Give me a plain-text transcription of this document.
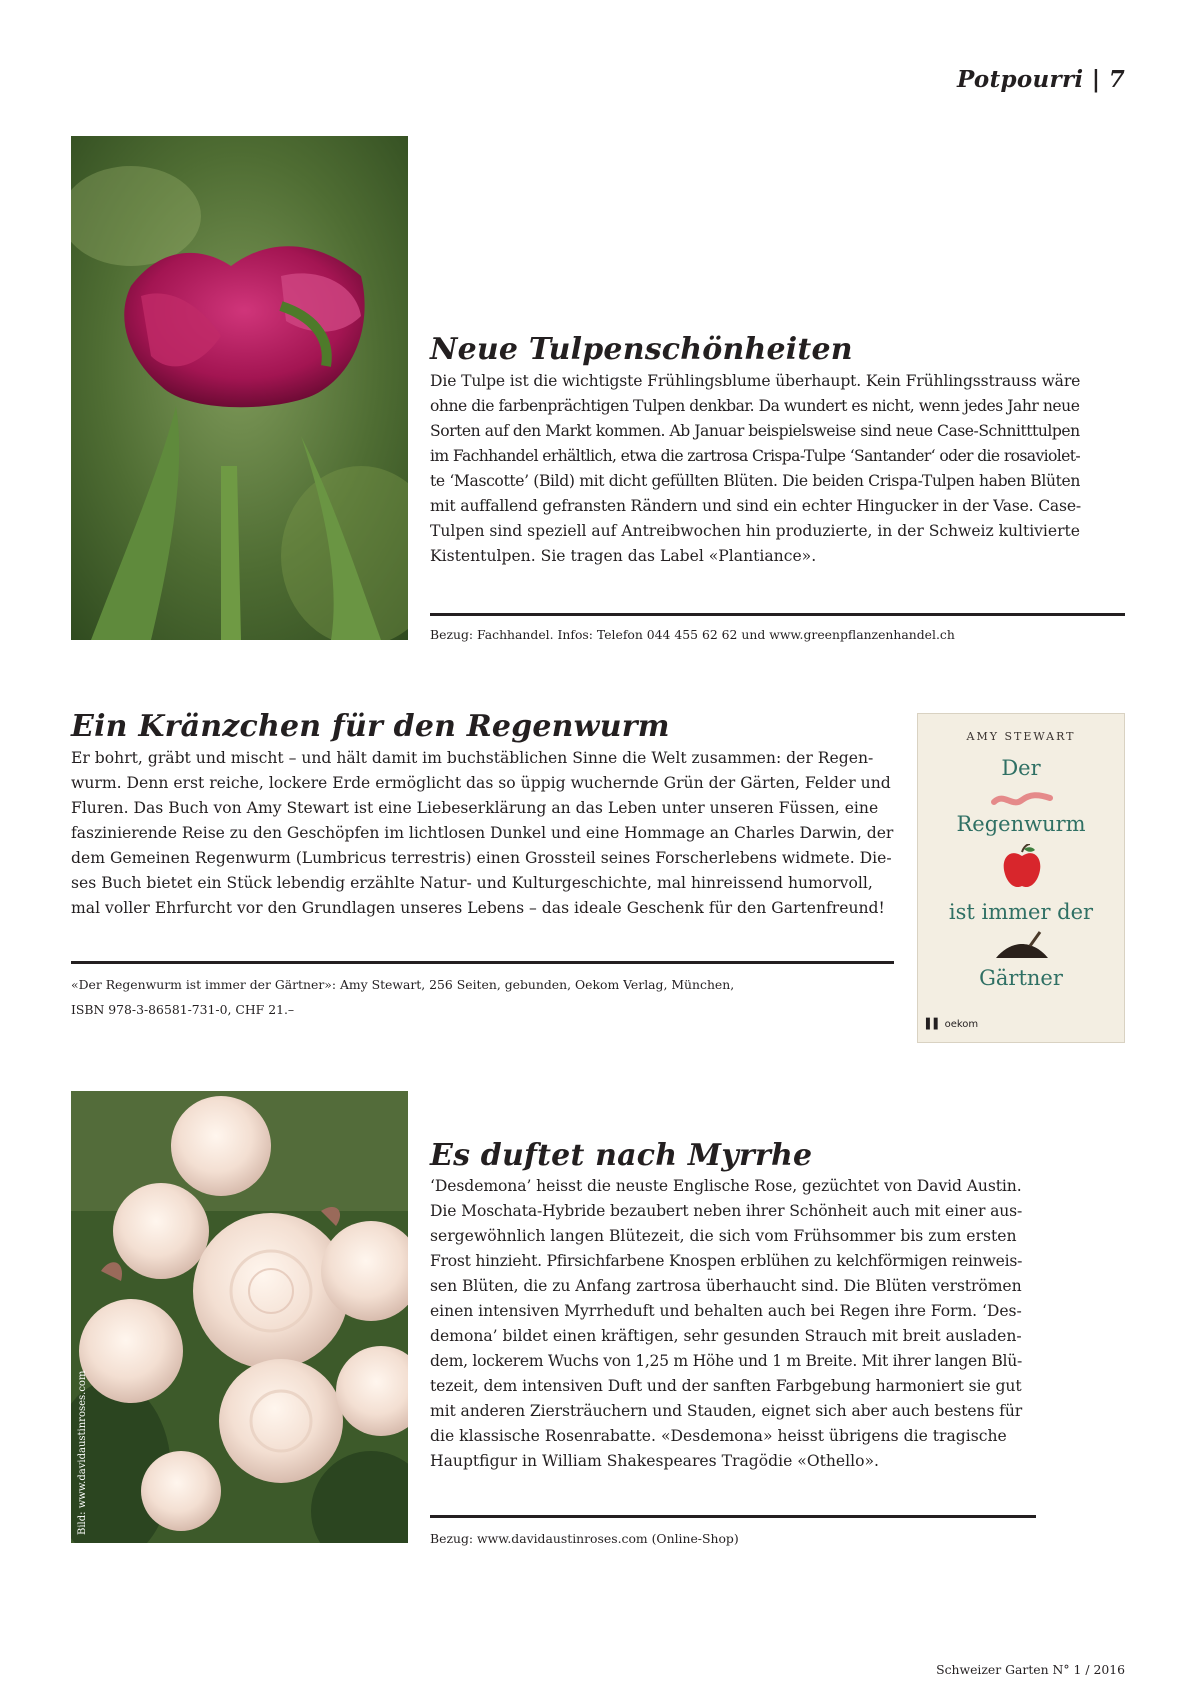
Potpourri | 7
Neue Tulpenschönheiten
Die Tulpe ist die wichtigste Frühlingsblume überhaupt. Kein Frühlingsstrauss wäre
ohne die farbenprächtigen Tulpen denkbar. Da wundert es nicht, wenn jedes Jahr neue
Sorten auf den Markt kommen. Ab Januar beispielsweise sind neue Case-Schnitttulpen
im Fachhandel erhältlich, etwa die zartrosa Crispa-Tulpe ‘Santander‘ oder die rosaviolet-
te ‘Mascotte’ (Bild) mit dicht gefüllten Blüten. Die beiden Crispa-Tulpen haben Blüten
mit auffallend gefransten Rändern und sind ein echter Hingucker in der Vase. Case-
Tulpen sind speziell auf Antreibwochen hin produzierte, in der Schweiz kultivierte
Kistentulpen. Sie tragen das Label «Plantiance».
Bezug: Fachhandel. Infos: Telefon 044 455 62 62 und www.greenpflanzenhandel.ch
Ein Kränzchen für den Regenwurm
Er bohrt, gräbt und mischt – und hält damit im buchstäblichen Sinne die Welt zusammen: der Regen-
wurm. Denn erst reiche, lockere Erde ermöglicht das so üppig wuchernde Grün der Gärten, Felder und
Fluren. Das Buch von Amy Stewart ist eine Liebeserklärung an das Leben unter unseren Füssen, eine
faszinierende Reise zu den Geschöpfen im lichtlosen Dunkel und eine Hommage an Charles Darwin, der
dem Gemeinen Regenwurm (Lumbricus terrestris) einen Grossteil seines Forscherlebens widmete. Die-
ses Buch bietet ein Stück lebendig erzählte Natur- und Kulturgeschichte, mal hinreissend humorvoll,
mal voller Ehrfurcht vor den Grundlagen unseres Lebens – das ideale Geschenk für den Gartenfreund!
«Der Regenwurm ist immer der Gärtner»: Amy Stewart, 256 Seiten, gebunden, Oekom Verlag, München,
ISBN 978-3-86581-731-0, CHF 21.–
AMY STEWART
Der
Regenwurm
ist immer der
Gärtner
▌▌ oekom
Bild: www.davidaustinroses.com
Es duftet nach Myrrhe
‘Desdemona’ heisst die neuste Englische Rose, gezüchtet von David Austin.
Die Moschata-Hybride bezaubert neben ihrer Schönheit auch mit einer aus-
sergewöhnlich langen Blütezeit, die sich vom Frühsommer bis zum ersten
Frost hinzieht. Pfirsichfarbene Knospen erblühen zu kelchförmigen reinweis-
sen Blüten, die zu Anfang zartrosa überhaucht sind. Die Blüten verströmen
einen intensiven Myrrheduft und behalten auch bei Regen ihre Form. ‘Des-
demona’ bildet einen kräftigen, sehr gesunden Strauch mit breit ausladen-
dem, lockerem Wuchs von 1,25 m Höhe und 1 m Breite. Mit ihrer langen Blü-
tezeit, dem intensiven Duft und der sanften Farbgebung harmoniert sie gut
mit anderen Ziersträuchern und Stauden, eignet sich aber auch bestens für
die klassische Rosenrabatte. «Desdemona» heisst übrigens die tragische
Hauptfigur in William Shakespeares Tragödie «Othello».
Bezug: www.davidaustinroses.com (Online-Shop)
Schweizer Garten N° 1 / 2016
